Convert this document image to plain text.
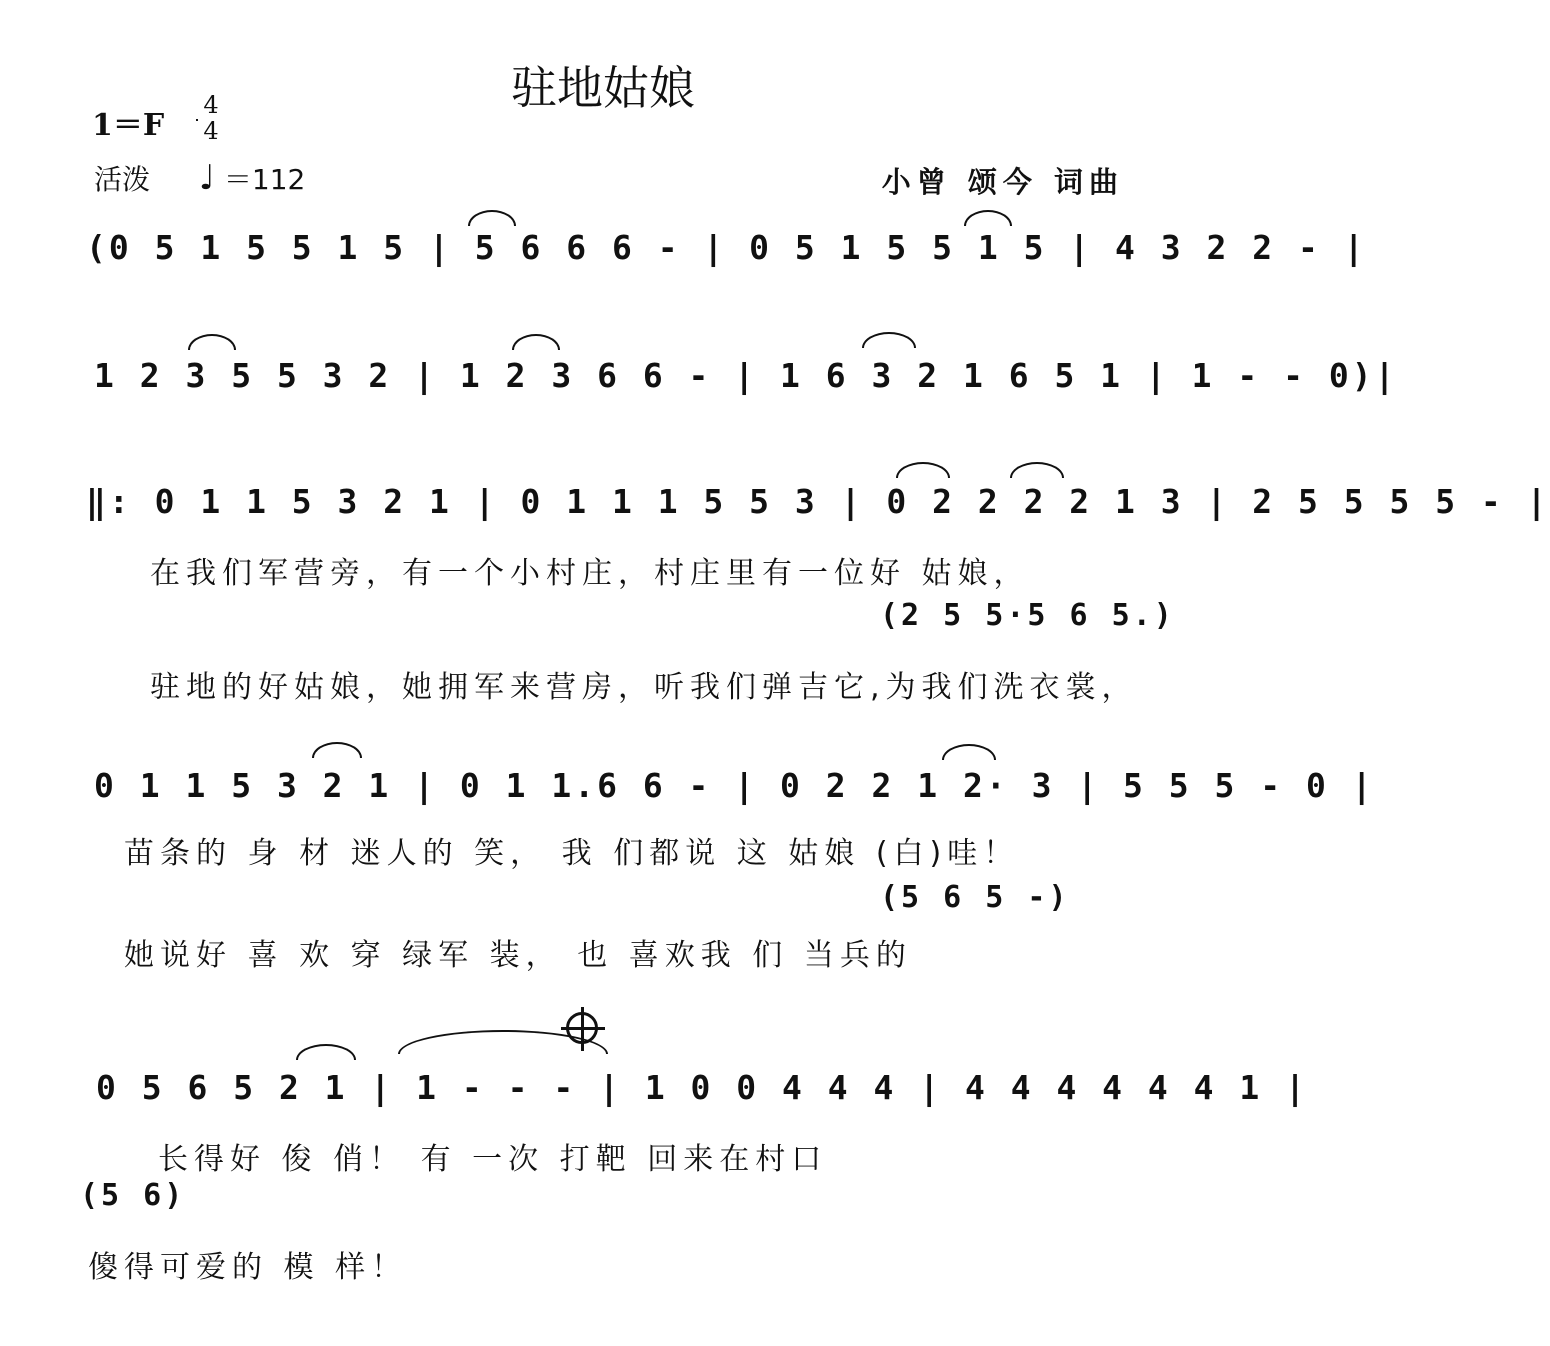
驻地姑娘
1＝F
4
4
活泼 ♩ ＝112	小曾 颂今 词曲
(0 5 1 5 5 1 5 | 5 6 6 6 - | 0 5 1 5 5 1 5 | 4 3 2 2 - |
1 2 3 5 5 3 2 | 1 2 3 6 6 - | 1 6 3 2 1 6 5 1 | 1 - - 0)|
‖: 0 1 1 5 3 2 1 | 0 1 1 1 5 5 3 | 0 2 2 2 2 1 3 | 2 5 5 5 5 - |
在我们军营旁，有一个小村庄，村庄里有一位好 姑娘，
(2 5 5·5 6 5.)
驻地的好姑娘，她拥军来营房，听我们弹吉它,为我们洗衣裳，
0 1 1 5 3 2 1 | 0 1 1.6 6 - | 0 2 2 1 2· 3 | 5 5 5 - 0 |
苗条的 身 材 迷人的 笑， 我 们都说 这 姑娘 (白)哇！
(5 6 5 -)
她说好 喜 欢 穿 绿军 装， 也 喜欢我 们 当兵的
0 5 6 5 2 1 | 1 - - - | 1 0 0 4 4 4 | 4 4 4 4 4 4 1 |
长得好 俊 俏！ 有 一次 打靶 回来在村口
(5 6)
傻得可爱的 模 样！
